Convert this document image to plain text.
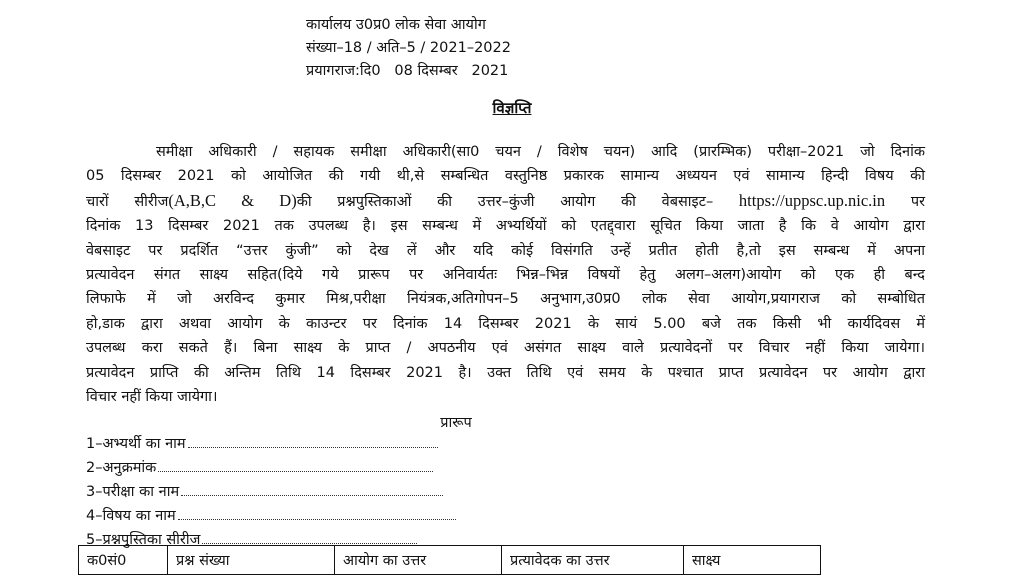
कार्यालय उ0प्र0 लोक सेवा आयोग
संख्या–18 / अति–5 / 2021–2022
प्रयागराज:दि0   08 दिसम्बर   2021
विज्ञप्ति
समीक्षा अधिकारी / सहायक समीक्षा अधिकारी(सा0 चयन / विशेष चयन) आदि (प्रारम्भिक) परीक्षा–2021 जो दिनांक
05 दिसम्बर 2021 को आयोजित की गयी थी,से सम्बन्धित वस्तुनिष्ठ प्रकारक सामान्य अध्ययन एवं सामान्य हिन्दी विषय की
चारों सीरीज(A,B,C & D)की प्रश्नपुस्तिकाओं की उत्तर–कुंजी आयोग की वेबसाइट– https://uppsc.up.nic.in पर
दिनांक 13 दिसम्बर 2021 तक उपलब्ध है। इस सम्बन्ध में अभ्यर्थियों को एतद्द्वारा सूचित किया जाता है कि वे आयोग द्वारा
वेबसाइट पर प्रदर्शित “उत्तर कुंजी” को देख लें और यदि कोई विसंगति उन्हें प्रतीत होती है,तो इस सम्बन्ध में अपना
प्रत्यावेदन संगत साक्ष्य सहित(दिये गये प्रारूप पर अनिवार्यतः भिन्न–भिन्न विषयों हेतु अलग–अलग)आयोग को एक ही बन्द
लिफाफे में जो अरविन्द कुमार मिश्र,परीक्षा नियंत्रक,अतिगोपन–5 अनुभाग,उ0प्र0 लोक सेवा आयोग,प्रयागराज को सम्बोधित
हो,डाक द्वारा अथवा आयोग के काउन्टर पर दिनांक 14 दिसम्बर 2021 के सायं 5.00 बजे तक किसी भी कार्यदिवस में
उपलब्ध करा सकते हैं। बिना साक्ष्य के प्राप्त / अपठनीय एवं असंगत साक्ष्य वाले प्रत्यावेदनों पर विचार नहीं किया जायेगा।
प्रत्यावेदन प्राप्ति की अन्तिम तिथि 14 दिसम्बर 2021 है। उक्त तिथि एवं समय के पश्चात प्राप्त प्रत्यावेदन पर आयोग द्वारा
विचार नहीं किया जायेगा।
प्रारूप
1–अभ्यर्थी का नाम
2–अनुक्रमांक
3–परीक्षा का नाम
4–विषय का नाम
5–प्रश्नपुस्तिका सीरीज
क0सं0	प्रश्न संख्या	आयोग का उत्तर	प्रत्यावेदक का उत्तर	साक्ष्य
